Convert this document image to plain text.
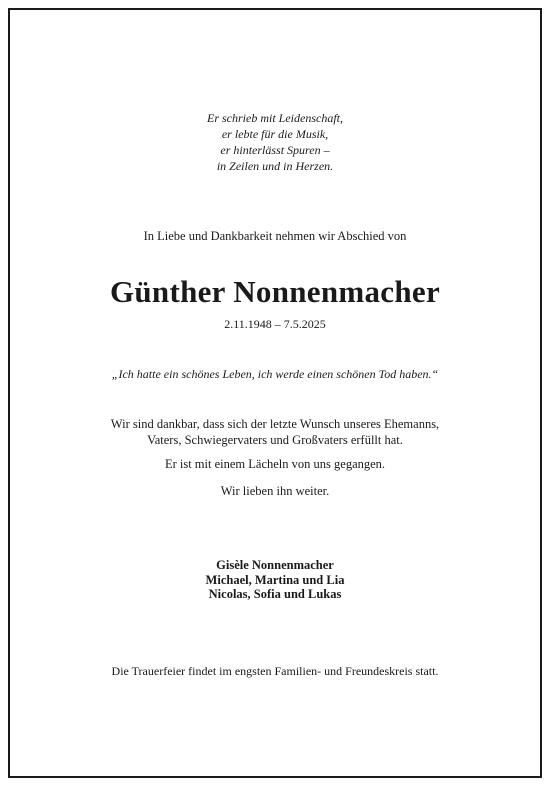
Er schrieb mit Leidenschaft,
er lebte für die Musik,
er hinterlässt Spuren –
in Zeilen und in Herzen.
In Liebe und Dankbarkeit nehmen wir Abschied von
Günther Nonnenmacher
2.11.1948 – 7.5.2025
„Ich hatte ein schönes Leben, ich werde einen schönen Tod haben.“
Wir sind dankbar, dass sich der letzte Wunsch unseres Ehemanns,
Vaters, Schwiegervaters und Großvaters erfüllt hat.
Er ist mit einem Lächeln von uns gegangen.
Wir lieben ihn weiter.
Gisèle Nonnenmacher
Michael, Martina und Lia
Nicolas, Sofia und Lukas
Die Trauerfeier findet im engsten Familien- und Freundeskreis statt.
